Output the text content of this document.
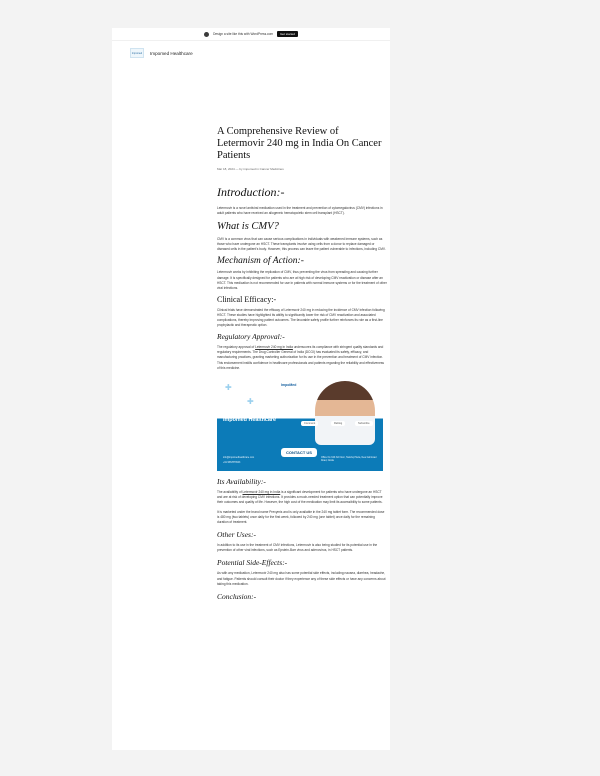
Design a site like this with WordPress.com	Get started
Impomed Impomed Healthcare
A Comprehensive Review of Letermovir 240 mg in India On Cancer Patients
Mar 18, 2024 — by impomed in Cancer Medicines
Introduction:-

Letermovir is a novel antiviral medication used in the treatment and prevention of cytomegalovirus (CMV) infections in adult patients who have received an allogeneic hematopoietic stem cell transplant (HSCT).

What is CMV?

CMV is a common virus that can cause serious complications in individuals with weakened immune systems, such as those who have undergone an HSCT. These transplants involve using cells from a donor to replace damaged or diseased cells in the patient's body. However, this process can leave the patient vulnerable to infections, including CMV.

Mechanism of Action:-

Letermovir works by inhibiting the replication of CMV, thus preventing the virus from spreading and causing further damage. It is specifically designed for patients who are at high risk of developing CMV reactivation or disease after an HSCT. This medication is not recommended for use in patients with normal immune systems or for the treatment of other viral infections.

Clinical Efficacy:-

Clinical trials have demonstrated the efficacy of Letermovir 240 mg in reducing the incidence of CMV infection following HSCT. These studies have highlighted its ability to significantly lower the risk of CMV reactivation and associated complications, thereby improving patient outcomes. The favorable safety profile further reinforces its role as a first-line prophylactic and therapeutic option.

Regulatory Approval:-

The regulatory approval of Letermovir 240 mg in India underscores its compliance with stringent quality standards and regulatory requirements. The Drug Controller General of India (DCGI) has evaluated its safety, efficacy, and manufacturing practices, granting marketing authorization for its use in the prevention and treatment of CMV infection. This endorsement instills confidence in healthcare professionals and patients regarding the reliability and effectiveness of this medicine.

✚
✚
ImpoMed
Effective Cancer Treatment with ELetermovir 240 mg in India By Impomed Healthcare
Comment	Reblog	Subscribe
CONTACT US
info@impomedhealthcare.com
+91 9567876543
Office No 346 3rd Floor, Tanishq Plaza, Near Ashirwad Road, Noida
Its Availability:-

The availability of Letermovir 240 mg in India is a significant development for patients who have undergone an HSCT and are at risk of developing CMV infections. It provides a much-needed treatment option that can potentially improve their outcomes and quality of life. However, the high cost of the medication may limit its accessibility to some patients.

It is marketed under the brand name Prevymis and is only available in the 240 mg tablet form. The recommended dose is 480 mg (two tablets) once daily for the first week, followed by 240 mg (one tablet) once daily for the remaining duration of treatment.

Other Uses:-

In addition to its use in the treatment of CMV infections, Letermovir is also being studied for its potential use in the prevention of other viral infections, such as Epstein-Barr virus and adenovirus, in HSCT patients.

Potential Side-Effects:-

As with any medication, Letermovir 240 mg also has some potential side effects, including nausea, diarrhea, headache, and fatigue. Patients should consult their doctor if they experience any of these side effects or have any concerns about taking this medication.

Conclusion:-
